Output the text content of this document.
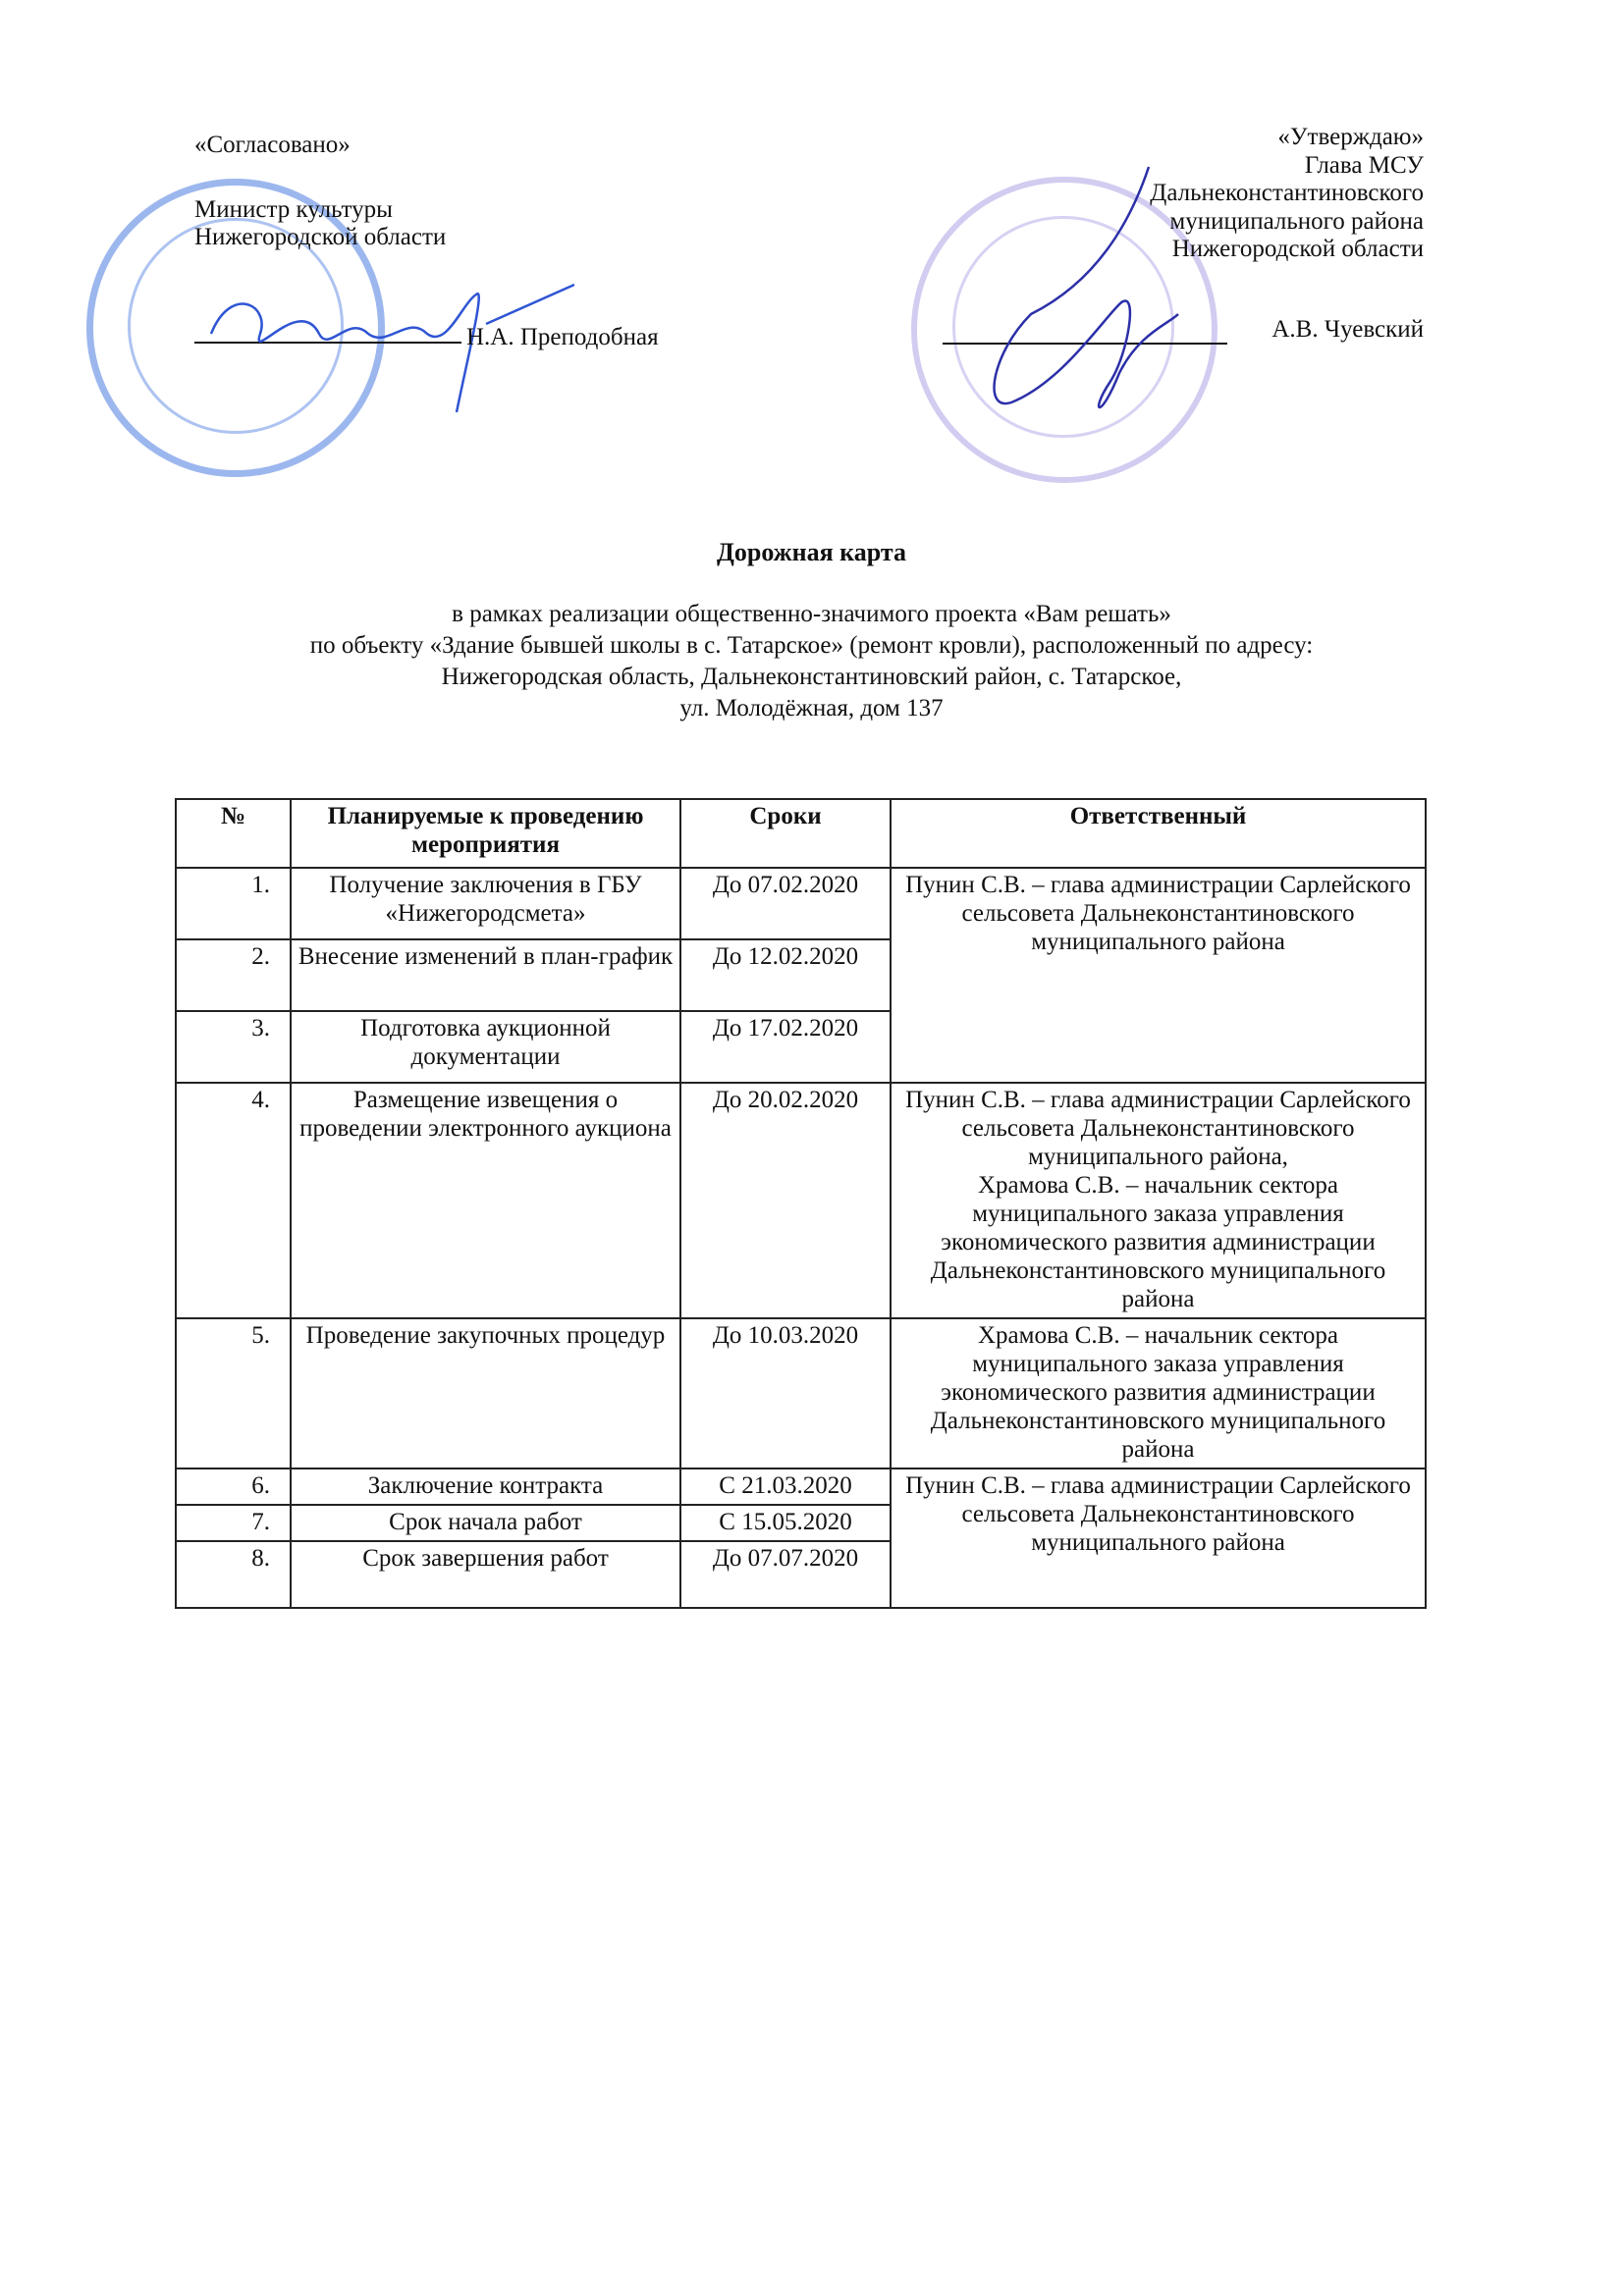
«Согласовано»
Министр культуры
Нижегородской области
Н.А. Преподобная
«Утверждаю»
Глава МСУ
Дальнеконстантиновского
муниципального района
Нижегородской области
А.В. Чуевский
Дорожная карта
в рамках реализации общественно-значимого проекта «Вам решать»
по объекту «Здание бывшей школы в с. Татарское» (ремонт кровли), расположенный по адресу:
Нижегородская область, Дальнеконстантиновский район, с. Татарское,
ул. Молодёжная, дом 137
№	Планируемые к проведению мероприятия	Сроки	Ответственный
1.	Получение заключения в ГБУ «Нижегородсмета»	До 07.02.2020	Пунин С.В. – глава администрации Сарлейского сельсовета Дальнеконстантиновского муниципального района
2.	Внесение изменений в план-график	До 12.02.2020	
3.	Подготовка аукционной документации	До 17.02.2020	
4.	Размещение извещения о проведении электронного аукциона	До 20.02.2020	Пунин С.В. – глава администрации Сарлейского сельсовета Дальнеконстантиновского муниципального района,
Храмова С.В. – начальник сектора муниципального заказа управления экономического развития администрации Дальнеконстантиновского муниципального района

5.	Проведение закупочных процедур	До 10.03.2020	Храмова С.В. – начальник сектора муниципального заказа управления экономического развития администрации Дальнеконстантиновского муниципального района
6.	Заключение контракта	С 21.03.2020	Пунин С.В. – глава администрации Сарлейского сельсовета Дальнеконстантиновского муниципального района
7.	Срок начала работ	С 15.05.2020	
8.	Срок завершения работ	До 07.07.2020	
